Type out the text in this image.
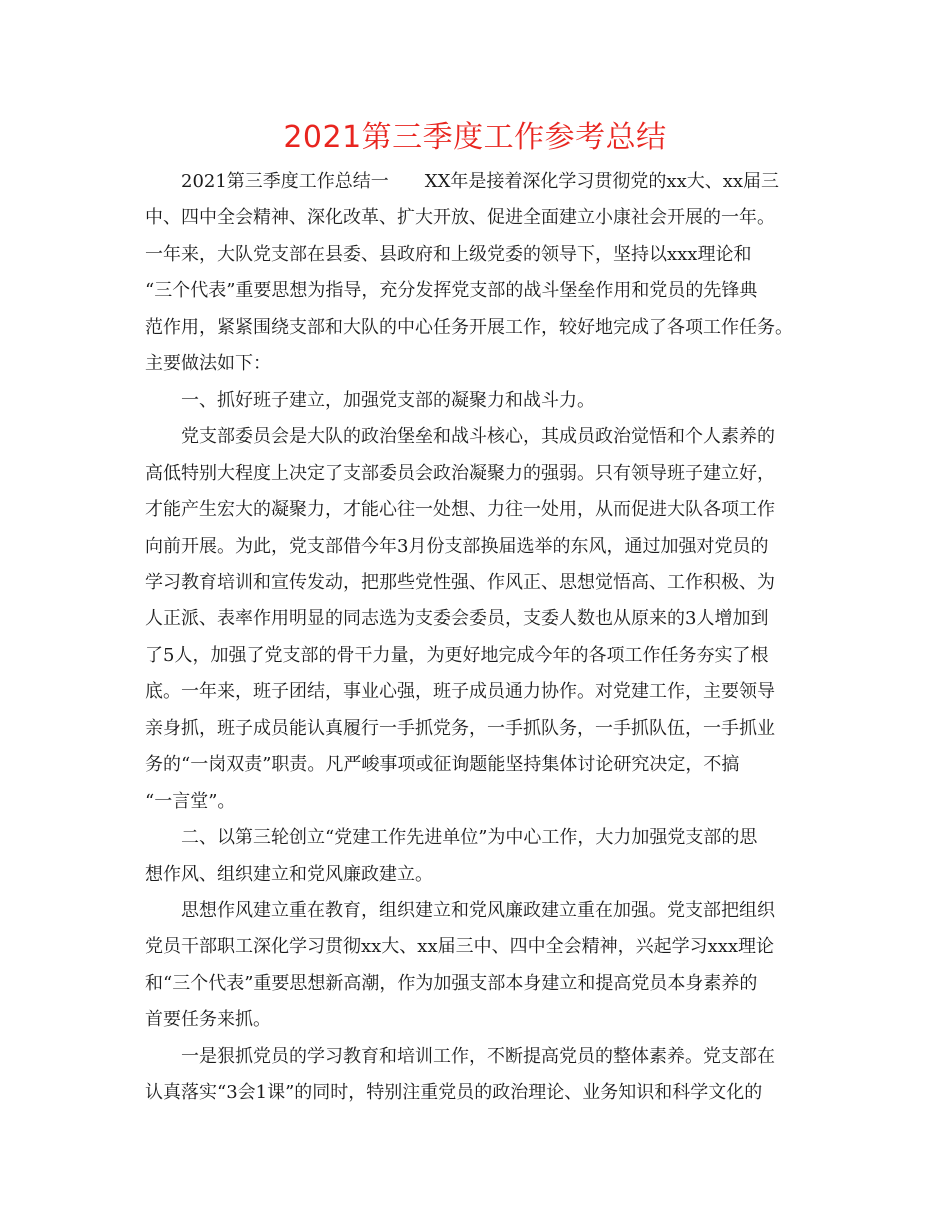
2021第三季度工作参考总结
2021第三季度工作总结一　　XX年是接着深化学习贯彻党的xx大、xx届三
中、四中全会精神、深化改革、扩大开放、促进全面建立小康社会开展的一年。
一年来，大队党支部在县委、县政府和上级党委的领导下，坚持以xxx理论和
“三个代表”重要思想为指导，充分发挥党支部的战斗堡垒作用和党员的先锋典
范作用，紧紧围绕支部和大队的中心任务开展工作，较好地完成了各项工作任务。
主要做法如下：
一、抓好班子建立，加强党支部的凝聚力和战斗力。
党支部委员会是大队的政治堡垒和战斗核心，其成员政治觉悟和个人素养的
高低特别大程度上决定了支部委员会政治凝聚力的强弱。只有领导班子建立好，
才能产生宏大的凝聚力，才能心往一处想、力往一处用，从而促进大队各项工作
向前开展。为此，党支部借今年3月份支部换届选举的东风，通过加强对党员的
学习教育培训和宣传发动，把那些党性强、作风正、思想觉悟高、工作积极、为
人正派、表率作用明显的同志选为支委会委员，支委人数也从原来的3人增加到
了5人，加强了党支部的骨干力量，为更好地完成今年的各项工作任务夯实了根
底。一年来，班子团结，事业心强，班子成员通力协作。对党建工作，主要领导
亲身抓，班子成员能认真履行一手抓党务，一手抓队务，一手抓队伍，一手抓业
务的“一岗双责”职责。凡严峻事项或征询题能坚持集体讨论研究决定，不搞
“一言堂”。
二、以第三轮创立“党建工作先进单位”为中心工作，大力加强党支部的思
想作风、组织建立和党风廉政建立。
思想作风建立重在教育，组织建立和党风廉政建立重在加强。党支部把组织
党员干部职工深化学习贯彻xx大、xx届三中、四中全会精神，兴起学习xxx理论
和“三个代表”重要思想新高潮，作为加强支部本身建立和提高党员本身素养的
首要任务来抓。
一是狠抓党员的学习教育和培训工作，不断提高党员的整体素养。党支部在
认真落实“3会1课”的同时，特别注重党员的政治理论、业务知识和科学文化的
